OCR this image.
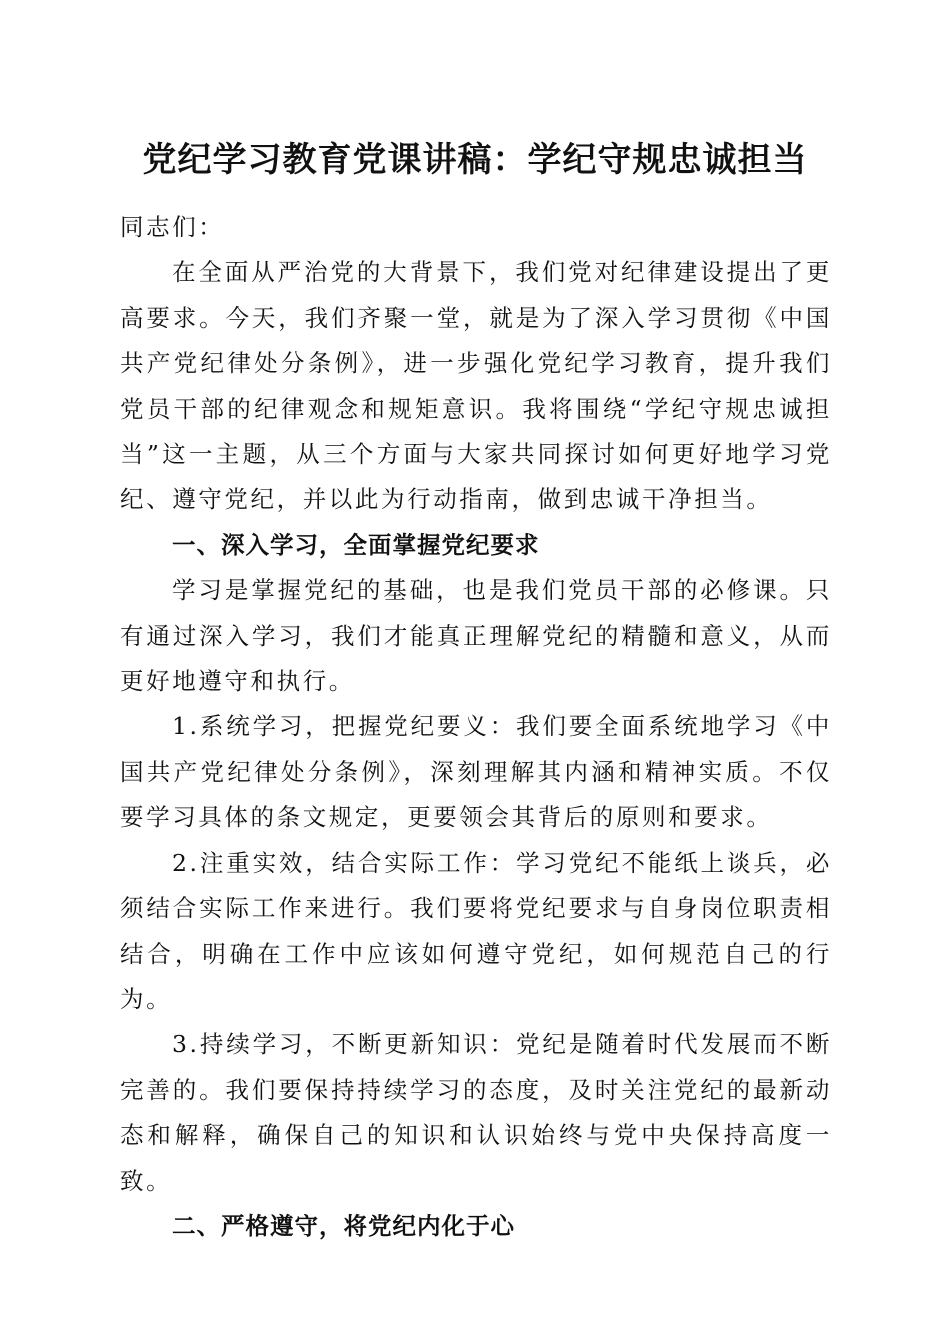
党纪学习教育党课讲稿：学纪守规忠诚担当

同志们：

在全面从严治党的大背景下，我们党对纪律建设提出了更高要求。今天，我们齐聚一堂，就是为了深入学习贯彻《中国共产党纪律处分条例》，进一步强化党纪学习教育，提升我们党员干部的纪律观念和规矩意识。我将围绕“学纪守规忠诚担当”这一主题，从三个方面与大家共同探讨如何更好地学习党纪、遵守党纪，并以此为行动指南，做到忠诚干净担当。

一、深入学习，全面掌握党纪要求

学习是掌握党纪的基础，也是我们党员干部的必修课。只有通过深入学习，我们才能真正理解党纪的精髓和意义，从而更好地遵守和执行。

1.系统学习，把握党纪要义：我们要全面系统地学习《中国共产党纪律处分条例》，深刻理解其内涵和精神实质。不仅要学习具体的条文规定，更要领会其背后的原则和要求。

2.注重实效，结合实际工作：学习党纪不能纸上谈兵，必须结合实际工作来进行。我们要将党纪要求与自身岗位职责相结合，明确在工作中应该如何遵守党纪，如何规范自己的行为。

3.持续学习，不断更新知识：党纪是随着时代发展而不断完善的。我们要保持持续学习的态度，及时关注党纪的最新动态和解释，确保自己的知识和认识始终与党中央保持高度一致。

二、严格遵守，将党纪内化于心
